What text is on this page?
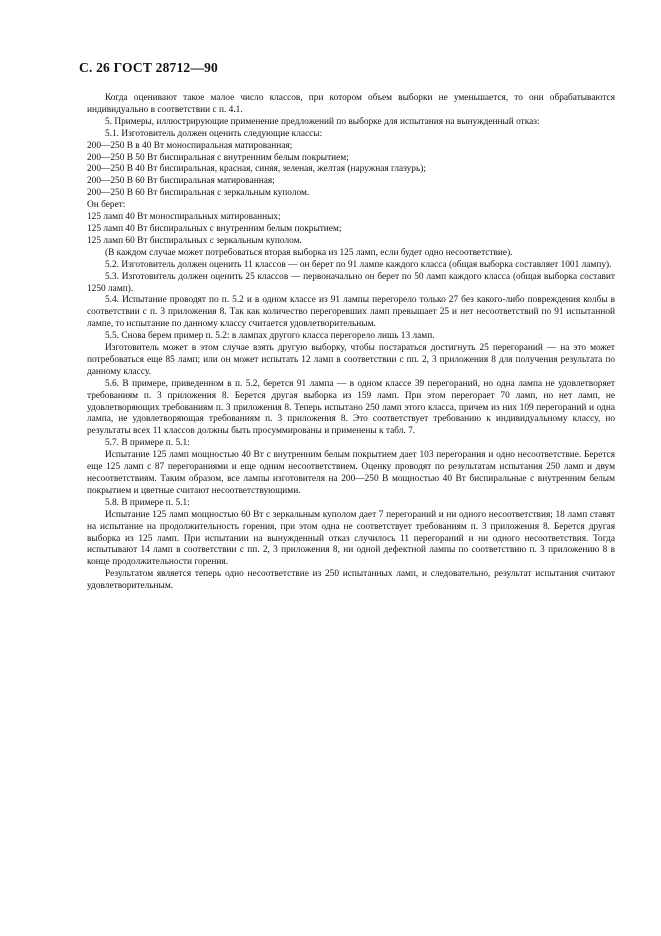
С. 26 ГОСТ 28712—90

Когда оценивают такое малое число классов, при котором объем выборки не уменьшается, то они обрабатываются индивидуально в соответствии с п. 4.1.

5. Примеры, иллюстрирующие применение предложений по выборке для испытания на вынужденный отказ:

5.1. Изготовитель должен оценить следующие классы:

200—250 В в 40 Вт моноспиральная матированная;

200—250 В 50 Вт биспиральная с внутренним белым покрытием;

200—250 В 40 Вт биспиральная, красная, синяя, зеленая, желтая (наружная глазурь);

200—250 В 60 Вт биспиральная матированная;

200—250 В 60 Вт биспиральная с зеркальным куполом.

Он берет:

125 ламп 40 Вт моноспиральных матированных;

125 ламп 40 Вт биспиральных с внутренним белым покрытием;

125 ламп 60 Вт биспиральных с зеркальным куполом.

(В каждом случае может потребоваться вторая выборка из 125 ламп, если будет одно несоответствие).

5.2. Изготовитель должен оценить 11 классов — он берет по 91 лампе каждого класса (общая выборка составляет 1001 лампу).

5.3. Изготовитель должен оценить 25 классов — первоначально он берет по 50 ламп каждого класса (общая выборка составит 1250 ламп).

5.4. Испытание проводят по п. 5.2 и в одном классе из 91 лампы перегорело только 27 без какого-либо повреждения колбы в соответствии с п. 3 приложения 8. Так как количество перегоревших ламп превышает 25 и нет несоответствий по 91 испытанной лампе, то испытание по данному классу считается удовлетворительным.

5.5. Снова берем пример п. 5.2: в лампах другого класса перегорело лишь 13 ламп.

Изготовитель может в этом случае взять другую выборку, чтобы постараться достигнуть 25 перегораний — на это может потребоваться еще 85 ламп; или он может испытать 12 ламп в соответствии с пп. 2, 3 приложения 8 для получения результата по данному классу.

5.6. В примере, приведенном в п. 5.2, берется 91 лампа — в одном классе 39 перегораний, но одна лампа не удовлетворяет требованиям п. 3 приложения 8. Берется другая выборка из 159 ламп. При этом перегорает 70 ламп, но нет ламп, не удовлетворяющих требованиям п. 3 приложения 8. Теперь испытано 250 ламп этого класса, причем из них 109 перегораний и одна лампа, не удовлетворяющая требованиям п. 3 приложения 8. Это соответствует требованию к индивидуальному классу, но результаты всех 11 классов должны быть просуммированы и применены к табл. 7.

5.7. В примере п. 5.1:

Испытание 125 ламп мощностью 40 Вт с внутренним белым покрытием дает 103 перегорания и одно несоответствие. Берется еще 125 ламп с 87 перегораниями и еще одним несоответствием. Оценку проводят по результатам испытания 250 ламп и двум несоответствиям. Таким образом, все лампы изготовителя на 200—250 В мощностью 40 Вт биспиральные с внутренним белым покрытием и цветные считают несоответствующими.

5.8. В примере п. 5.1:

Испытание 125 ламп мощностью 60 Вт с зеркальным куполом дает 7 перегораний и ни одного несоответствия; 18 ламп ставят на испытание на продолжительность горения, при этом одна не соответствует требованиям п. 3 приложения 8. Берется другая выборка из 125 ламп. При испытании на вынужденный отказ случилось 11 перегораний и ни одного несоответствия. Тогда испытывают 14 ламп в соответствии с пп. 2, 3 приложения 8, ни одной дефектной лампы по соответствию п. 3 приложению 8 в конце продолжительности горения.

Результатом является теперь одно несоответствие из 250 испытанных ламп, и следовательно, результат испытания считают удовлетворительным.
